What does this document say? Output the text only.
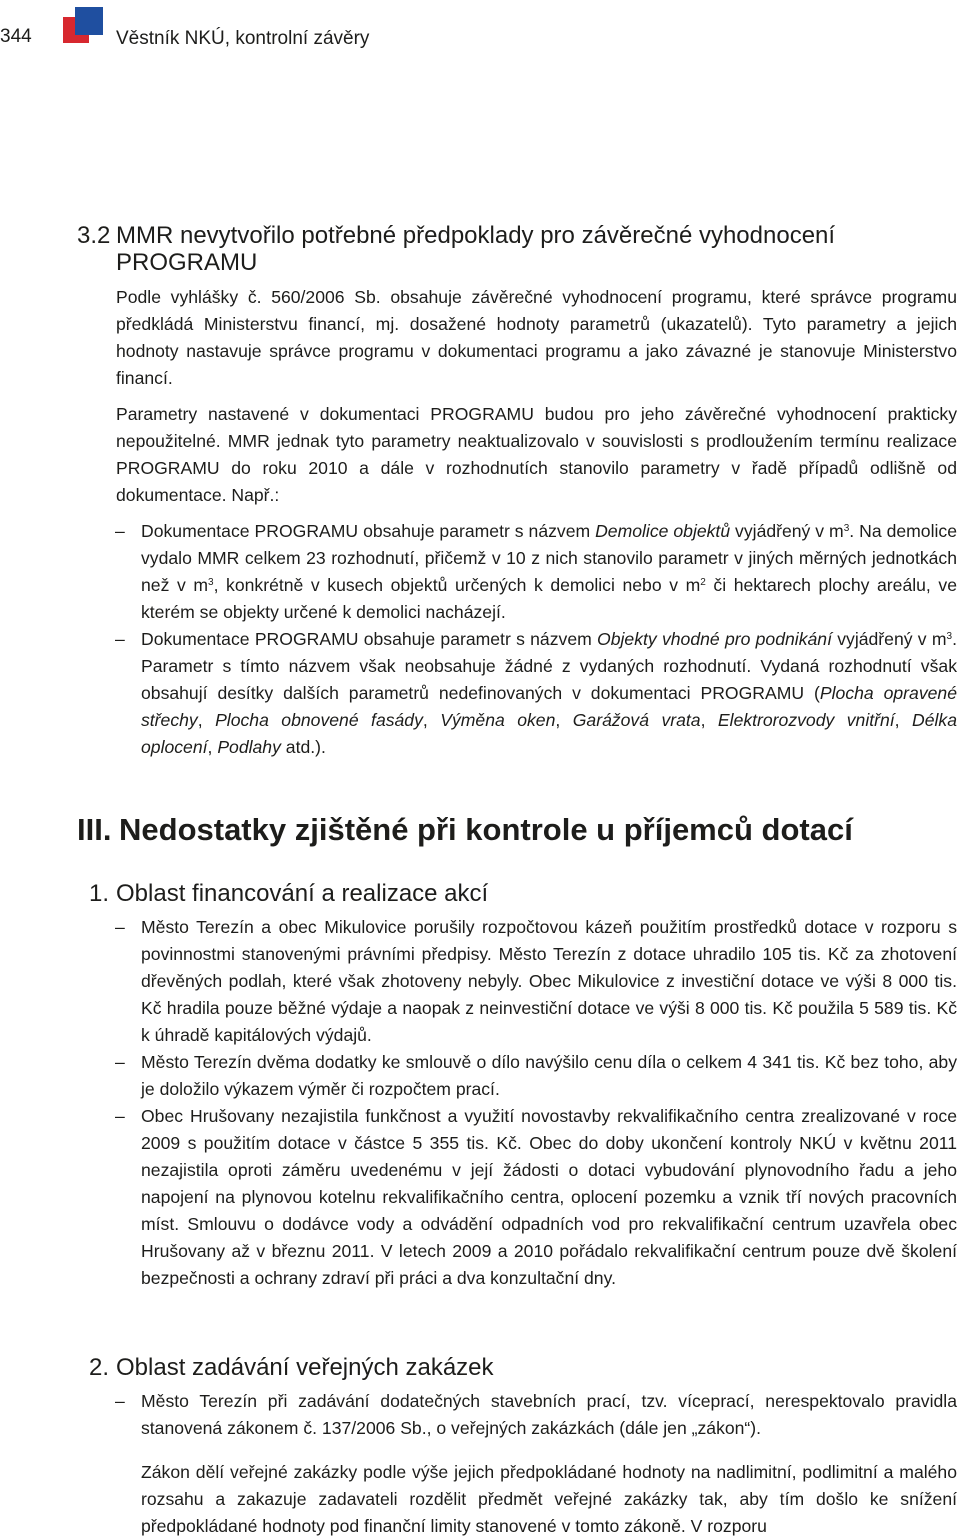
344	Věstník NKÚ, kontrolní závěry
3.2 MMR nevytvořilo potřebné předpoklady pro závěrečné vyhodnocení
PROGRAMU

Podle vyhlášky č. 560/2006 Sb. obsahuje závěrečné vyhodnocení programu, které správce programu předkládá Ministerstvu financí, mj. dosažené hodnoty parametrů (ukazatelů). Tyto parametry a jejich hodnoty nastavuje správce programu v dokumentaci programu a jako závazné je stanovuje Ministerstvo financí.

Parametry nastavené v dokumentaci PROGRAMU budou pro jeho závěrečné vyhodnocení prakticky nepoužitelné. MMR jednak tyto parametry neaktualizovalo v souvislosti s prodloužením termínu realizace PROGRAMU do roku 2010 a dále v rozhodnutích stanovilo parametry v řadě případů odlišně od dokumentace. Např.:

– Dokumentace PROGRAMU obsahuje parametr s názvem Demolice objektů vyjádřený v $m^3$. Na demolice vydalo MMR celkem 23 rozhodnutí, přičemž v 10 z nich stanovilo parametr v jiných měrných jednotkách než v $m^3$, konkrétně v kusech objektů určených k demolici nebo v $m^2$ či hektarech plochy areálu, ve kterém se objekty určené k demolici nacházejí.
– Dokumentace PROGRAMU obsahuje parametr s názvem Objekty vhodné pro podnikání vyjádřený v $m^3$. Parametr s tímto názvem však neobsahuje žádné z vydaných rozhodnutí. Vydaná rozhodnutí však obsahují desítky dalších parametrů nedefinovaných v dokumentaci PROGRAMU (Plocha opravené střechy, Plocha obnovené fasády, Výměna oken, Garážová vrata, Elektrorozvody vnitřní, Délka oplocení, Podlahy atd.).
III. Nedostatky zjištěné při kontrole u příjemců dotací
1. Oblast financování a realizace akcí
– Město Terezín a obec Mikulovice porušily rozpočtovou kázeň použitím prostředků dotace v rozporu s povinnostmi stanovenými právními předpisy. Město Terezín z dotace uhradilo 105 tis. Kč za zhotovení dřevěných podlah, které však zhotoveny nebyly. Obec Mikulovice z investiční dotace ve výši 8 000 tis. Kč hradila pouze běžné výdaje a naopak z neinvestiční dotace ve výši 8 000 tis. Kč použila 5 589 tis. Kč k úhradě kapitálových výdajů.
– Město Terezín dvěma dodatky ke smlouvě o dílo navýšilo cenu díla o celkem 4 341 tis. Kč bez toho, aby je doložilo výkazem výměr či rozpočtem prací.
– Obec Hrušovany nezajistila funkčnost a využití novostavby rekvalifikačního centra zrealizované v roce 2009 s použitím dotace v částce 5 355 tis. Kč. Obec do doby ukončení kontroly NKÚ v květnu 2011 nezajistila oproti záměru uvedenému v její žádosti o dotaci vybudování plynovodního řadu a jeho napojení na plynovou kotelnu rekvalifikačního centra, oplocení pozemku a vznik tří nových pracovních míst. Smlouvu o dodávce vody a odvádění odpadních vod pro rekvalifikační centrum uzavřela obec Hrušovany až v březnu 2011. V letech 2009 a 2010 pořádalo rekvalifikační centrum pouze dvě školení bezpečnosti a ochrany zdraví při práci a dva konzultační dny.
2. Oblast zadávání veřejných zakázek
– Město Terezín při zadávání dodatečných stavebních prací, tzv. víceprací, nerespektovalo pravidla stanovená zákonem č. 137/2006 Sb., o veřejných zakázkách (dále jen „zákon“).
Zákon dělí veřejné zakázky podle výše jejich předpokládané hodnoty na nadlimitní, podlimitní a malého rozsahu a zakazuje zadavateli rozdělit předmět veřejné zakázky tak, aby tím došlo ke snížení předpokládané hodnoty pod finanční limity stanovené v tomto zákoně. V rozporu
